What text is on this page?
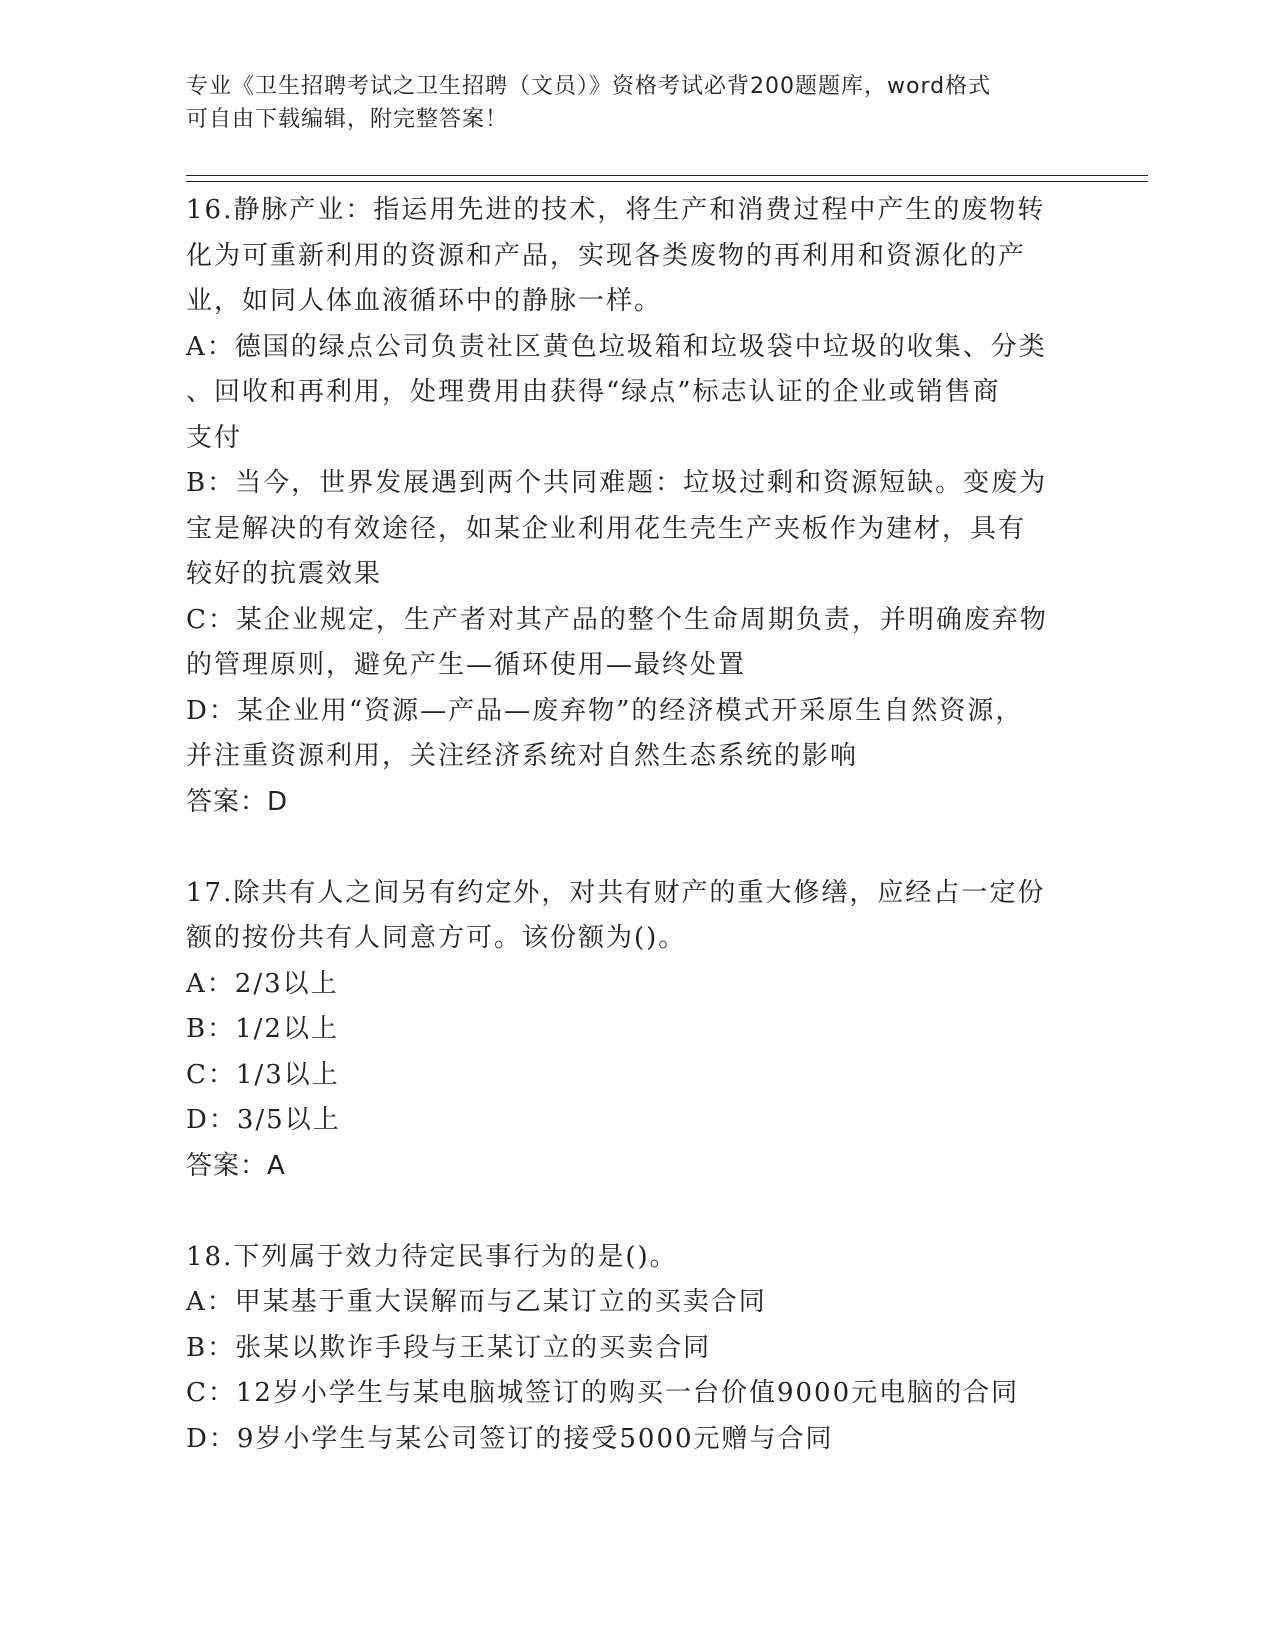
专业《卫生招聘考试之卫生招聘（文员）》资格考试必背200题题库，word格式
可自由下载编辑，附完整答案！
16.静脉产业：指运用先进的技术，将生产和消费过程中产生的废物转
化为可重新利用的资源和产品，实现各类废物的再利用和资源化的产
业，如同人体血液循环中的静脉一样。
A：德国的绿点公司负责社区黄色垃圾箱和垃圾袋中垃圾的收集、分类
、回收和再利用，处理费用由获得“绿点”标志认证的企业或销售商
支付
B：当今，世界发展遇到两个共同难题：垃圾过剩和资源短缺。变废为
宝是解决的有效途径，如某企业利用花生壳生产夹板作为建材，具有
较好的抗震效果
C：某企业规定，生产者对其产品的整个生命周期负责，并明确废弃物
的管理原则，避免产生—循环使用—最终处置
D：某企业用“资源—产品—废弃物”的经济模式开采原生自然资源，
并注重资源利用，关注经济系统对自然生态系统的影响
答案：D
17.除共有人之间另有约定外，对共有财产的重大修缮，应经占一定份
额的按份共有人同意方可。该份额为()。
A：2/3以上
B：1/2以上
C：1/3以上
D：3/5以上
答案：A
18.下列属于效力待定民事行为的是()。
A：甲某基于重大误解而与乙某订立的买卖合同
B：张某以欺诈手段与王某订立的买卖合同
C：12岁小学生与某电脑城签订的购买一台价值9000元电脑的合同
D：9岁小学生与某公司签订的接受5000元赠与合同
